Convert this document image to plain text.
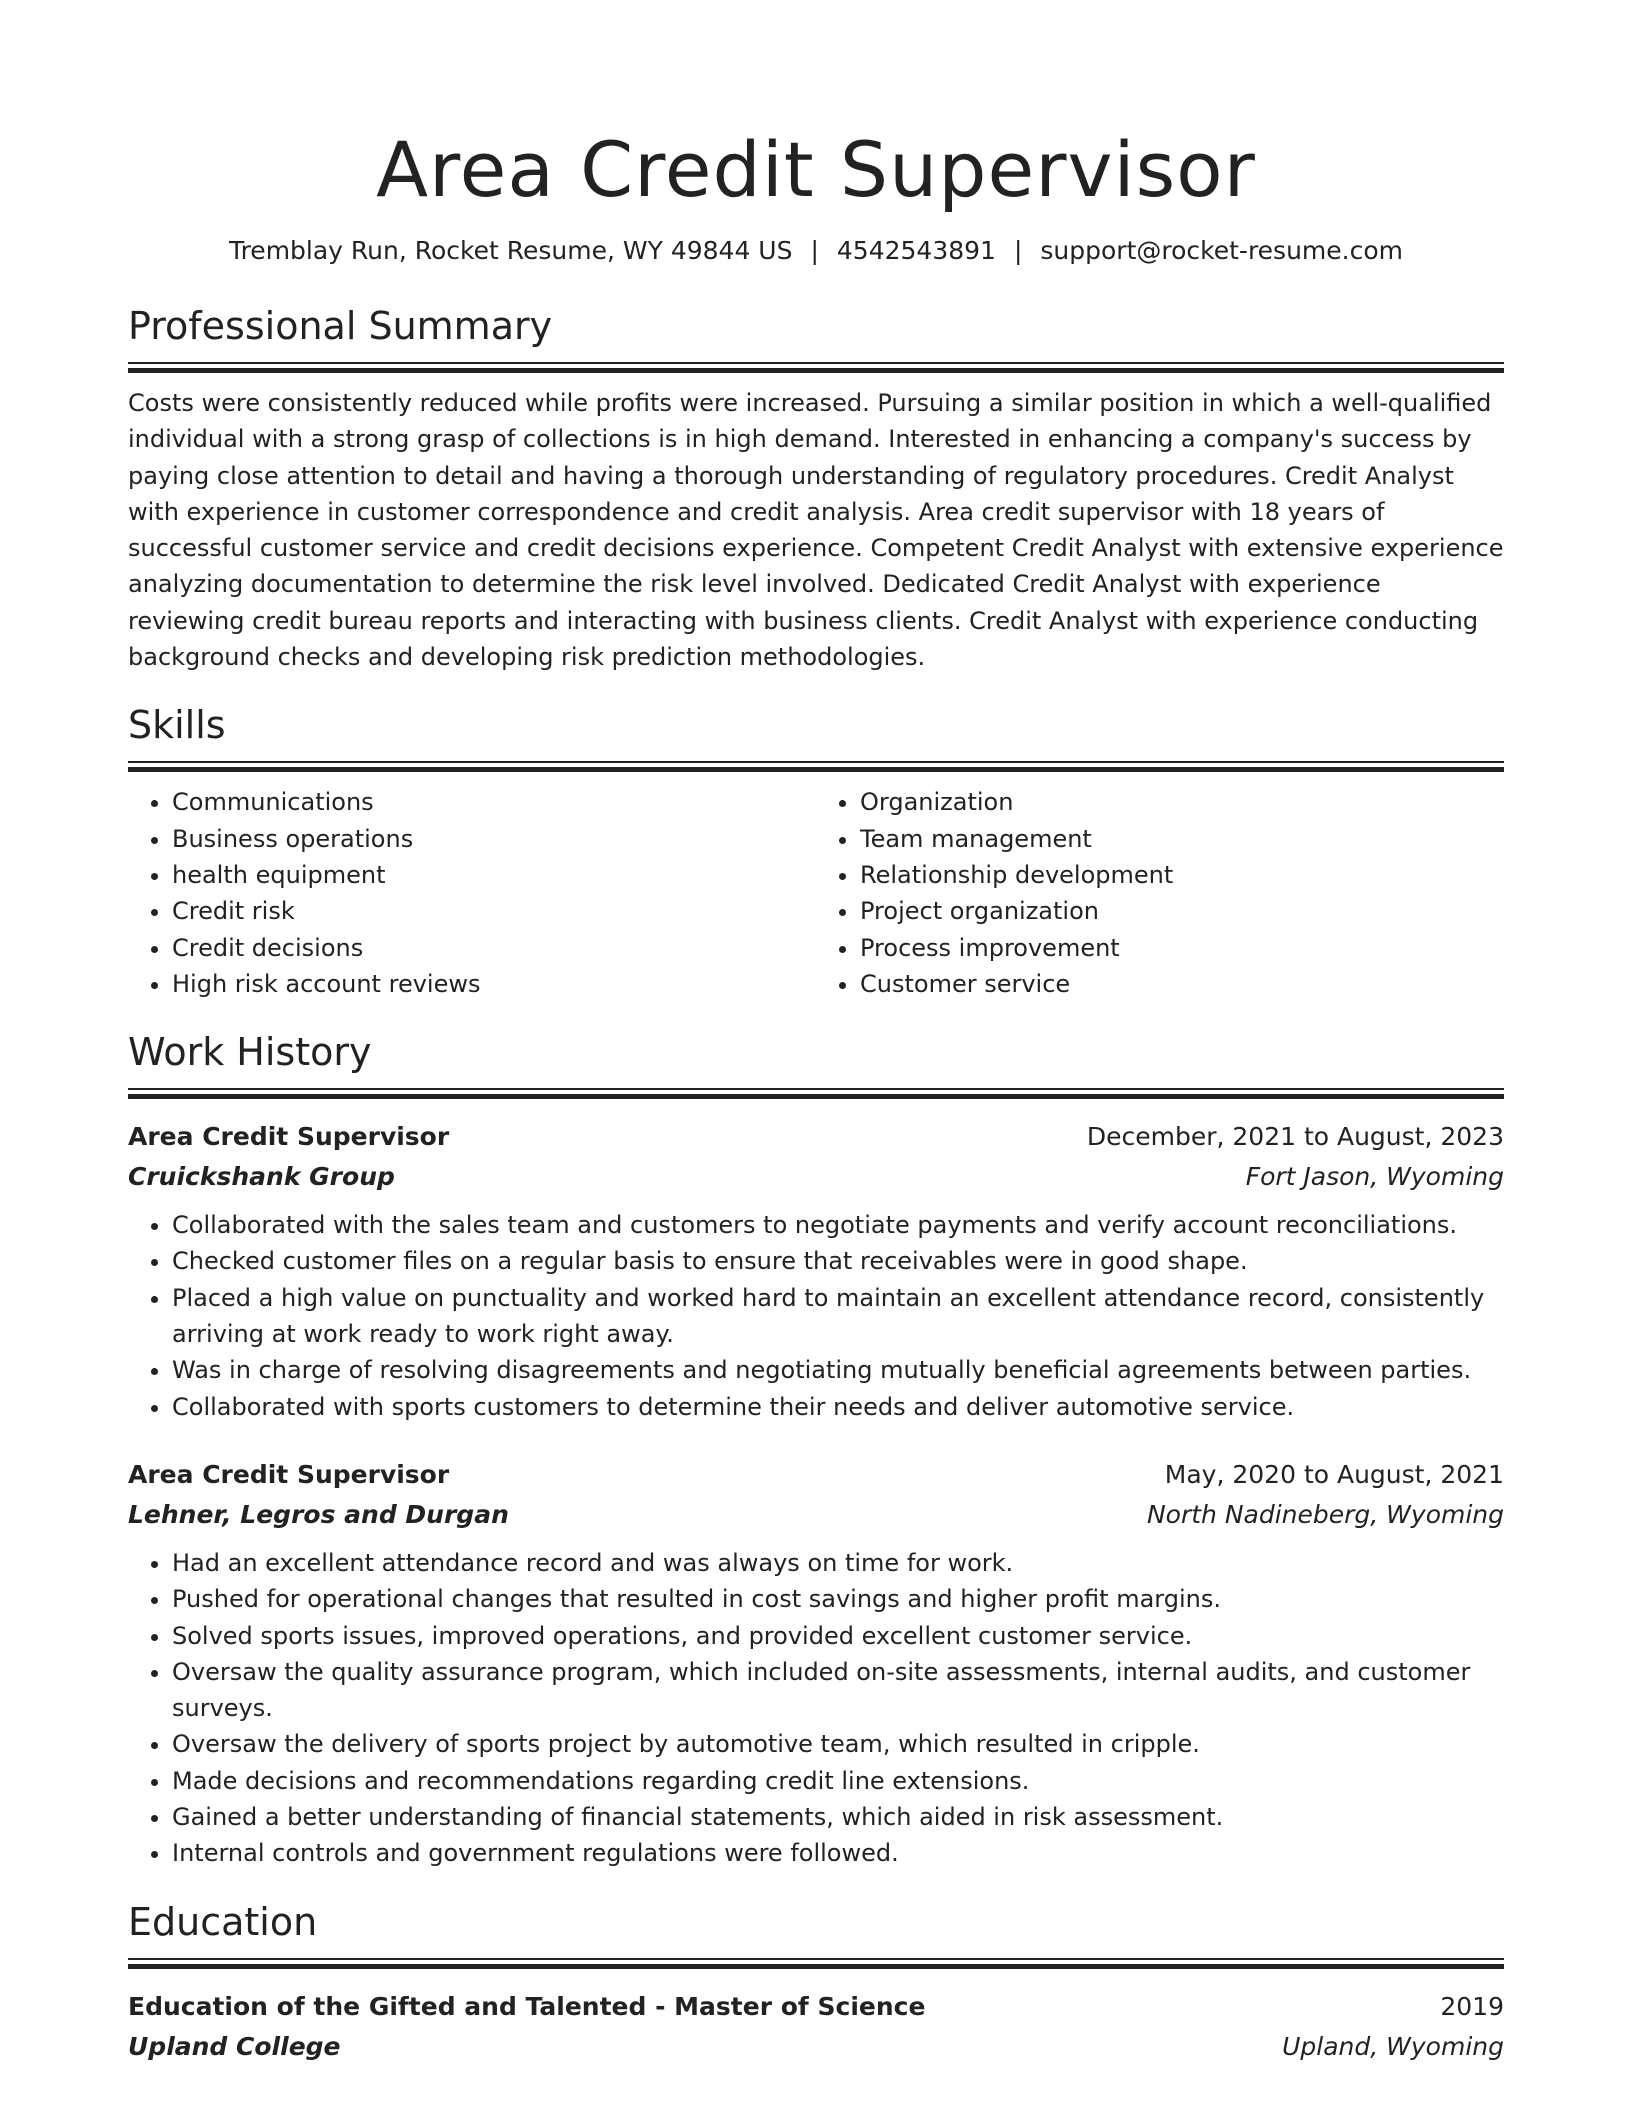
Area Credit Supervisor
Tremblay Run, Rocket Resume, WY 49844 US | 4542543891 | support@rocket-resume.com
Professional Summary

Costs were consistently reduced while profits were increased. Pursuing a similar position in which a well-qualified individual with a strong grasp of collections is in high demand. Interested in enhancing a company's success by paying close attention to detail and having a thorough understanding of regulatory procedures. Credit Analyst with experience in customer correspondence and credit analysis. Area credit supervisor with 18 years of successful customer service and credit decisions experience. Competent Credit Analyst with extensive experience analyzing documentation to determine the risk level involved. Dedicated Credit Analyst with experience reviewing credit bureau reports and interacting with business clients. Credit Analyst with experience conducting background checks and developing risk prediction methodologies.

Skills
• Communications
• Business operations
• health equipment
• Credit risk
• Credit decisions
• High risk account reviews
• Organization
• Team management
• Relationship development
• Project organization
• Process improvement
• Customer service
Work History
Area Credit Supervisor	December, 2021 to August, 2023
Cruickshank Group	Fort Jason, Wyoming
• Collaborated with the sales team and customers to negotiate payments and verify account reconciliations.
• Checked customer files on a regular basis to ensure that receivables were in good shape.
• Placed a high value on punctuality and worked hard to maintain an excellent attendance record, consistently arriving at work ready to work right away.
• Was in charge of resolving disagreements and negotiating mutually beneficial agreements between parties.
• Collaborated with sports customers to determine their needs and deliver automotive service.
Area Credit Supervisor	May, 2020 to August, 2021
Lehner, Legros and Durgan	North Nadineberg, Wyoming
• Had an excellent attendance record and was always on time for work.
• Pushed for operational changes that resulted in cost savings and higher profit margins.
• Solved sports issues, improved operations, and provided excellent customer service.
• Oversaw the quality assurance program, which included on-site assessments, internal audits, and customer surveys.
• Oversaw the delivery of sports project by automotive team, which resulted in cripple.
• Made decisions and recommendations regarding credit line extensions.
• Gained a better understanding of financial statements, which aided in risk assessment.
• Internal controls and government regulations were followed.
Education
Education of the Gifted and Talented - Master of Science	2019
Upland College	Upland, Wyoming
